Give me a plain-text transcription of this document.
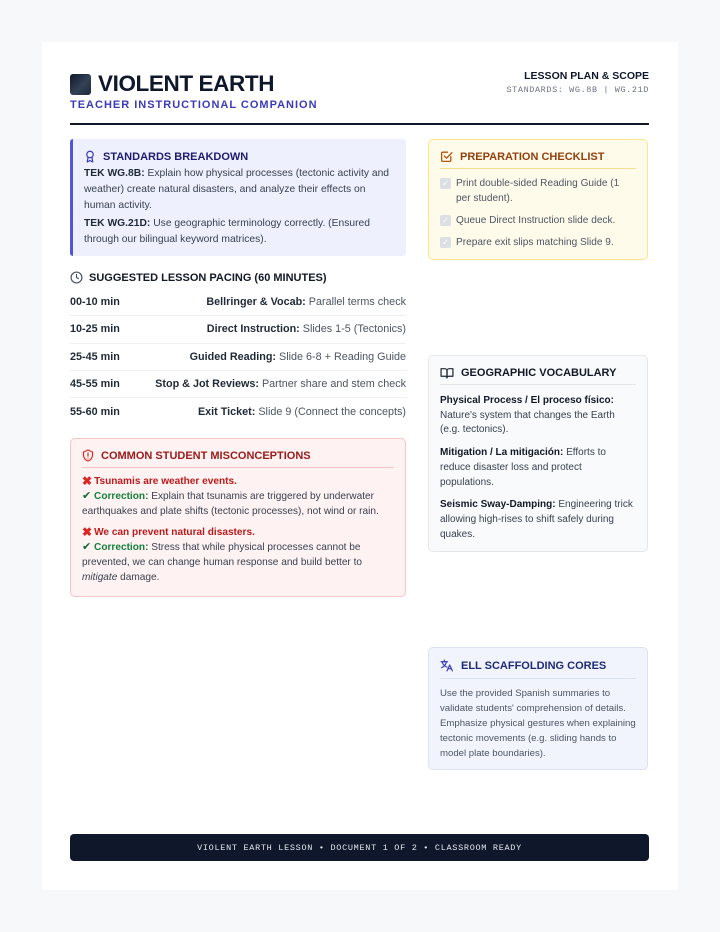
VIOLENT EARTH
TEACHER INSTRUCTIONAL COMPANION
LESSON PLAN & SCOPE
STANDARDS: WG.8B | WG.21D
STANDARDS BREAKDOWN

TEK WG.8B: Explain how physical processes (tectonic activity and weather) create natural disasters, and analyze their effects on human activity.

TEK WG.21D: Use geographic terminology correctly. (Ensured through our bilingual keyword matrices).

SUGGESTED LESSON PACING (60 MINUTES)
00-10 min	Bellringer & Vocab: Parallel terms check
10-25 min	Direct Instruction: Slides 1-5 (Tectonics)
25-45 min	Guided Reading: Slide 6-8 + Reading Guide
45-55 min	Stop & Jot Reviews: Partner share and stem check
55-60 min	Exit Ticket: Slide 9 (Connect the concepts)
COMMON STUDENT MISCONCEPTIONS
✖ Tsunamis are weather events.
✔ Correction: Explain that tsunamis are triggered by underwater earthquakes and plate shifts (tectonic processes), not wind or rain.
✖ We can prevent natural disasters.
✔ Correction: Stress that while physical processes cannot be prevented, we can change human response and build better to mitigate damage.
PREPARATION CHECKLIST
✓ Print double-sided Reading Guide (1 per student).
✓ Queue Direct Instruction slide deck.
✓ Prepare exit slips matching Slide 9.
GEOGRAPHIC VOCABULARY
Physical Process / El proceso físico: Nature's system that changes the Earth (e.g. tectonics).
Mitigation / La mitigación: Efforts to reduce disaster loss and protect populations.
Seismic Sway-Damping: Engineering trick allowing high-rises to shift safely during quakes.
ELL SCAFFOLDING CORES

Use the provided Spanish summaries to validate students' comprehension of details. Emphasize physical gestures when explaining tectonic movements (e.g. sliding hands to model plate boundaries).

VIOLENT EARTH LESSON • DOCUMENT 1 OF 2 • CLASSROOM READY
